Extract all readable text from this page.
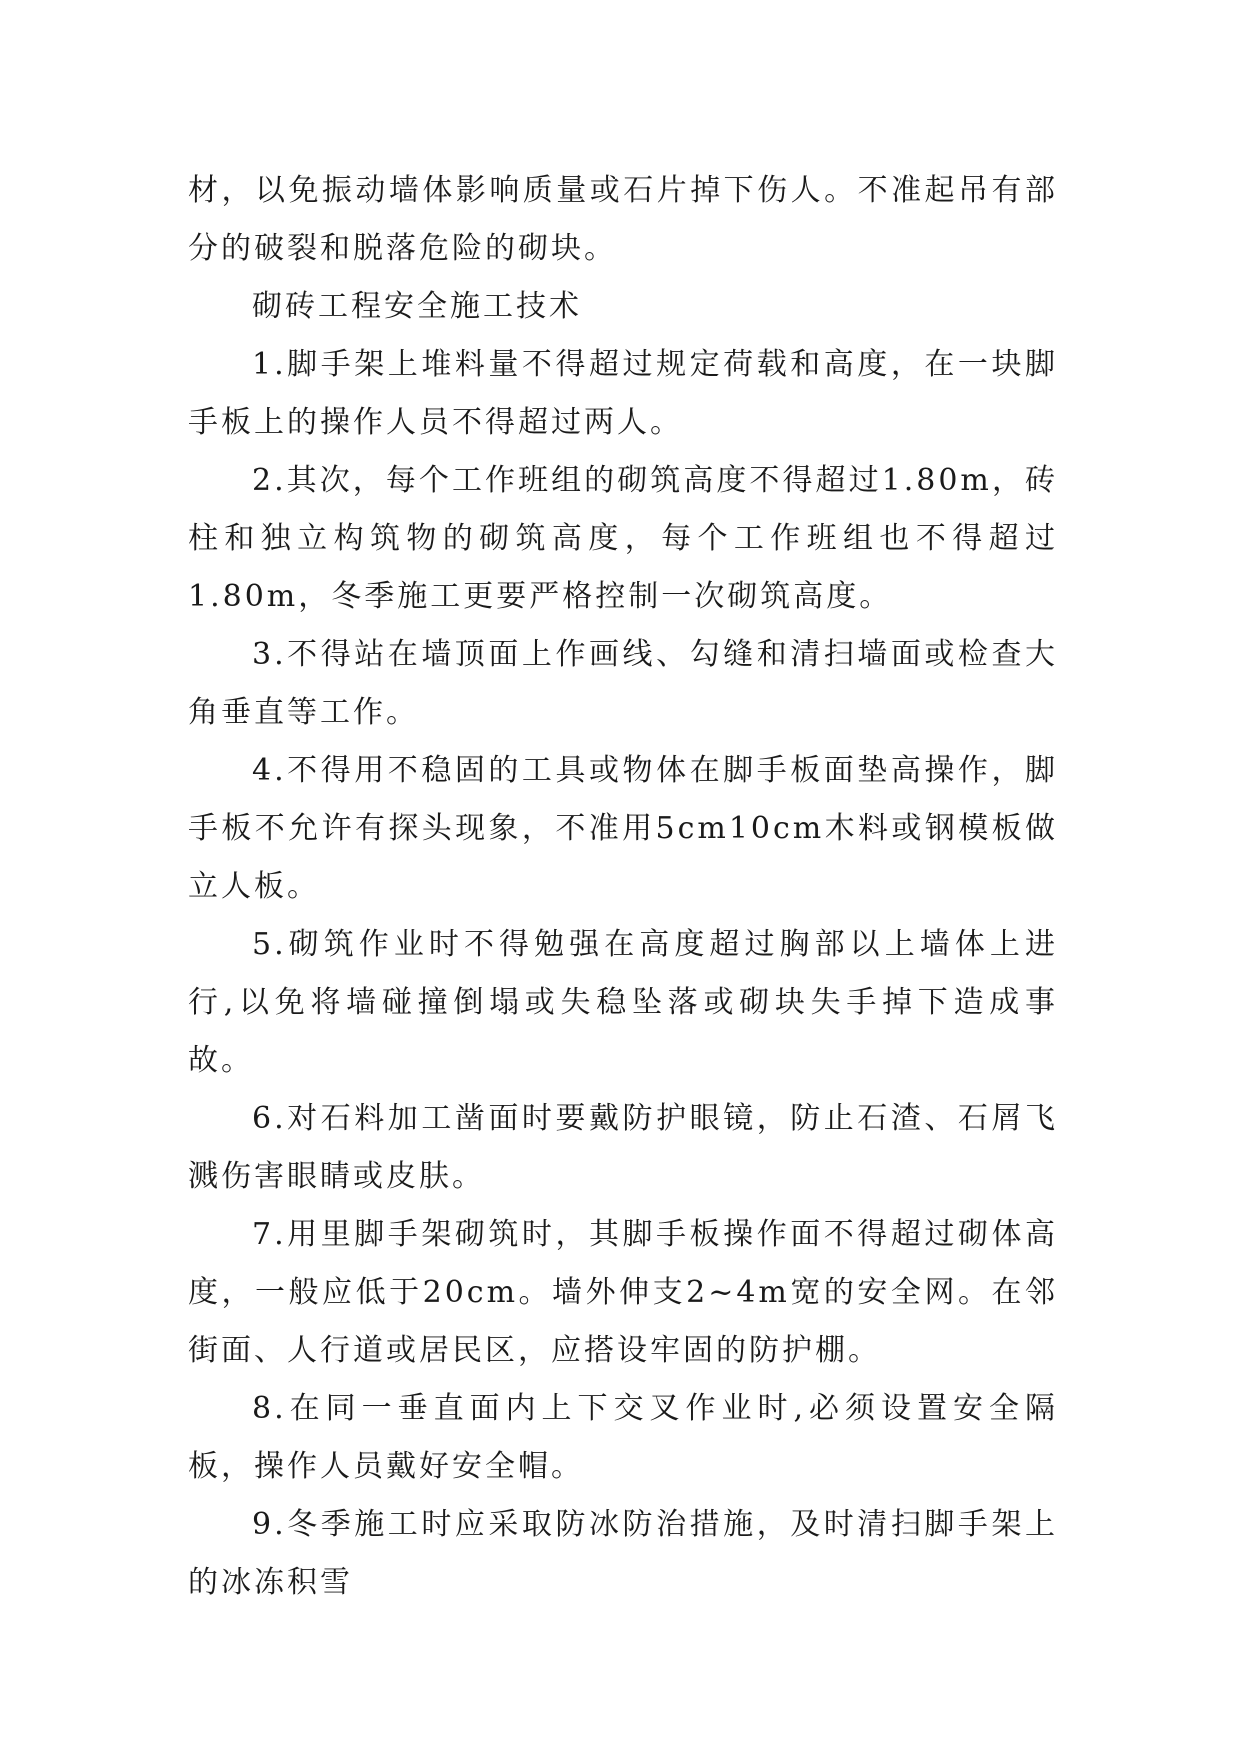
材，以免振动墙体影响质量或石片掉下伤人。不准起吊有部分的破裂和脱落危险的砌块。

砌砖工程安全施工技术

1.脚手架上堆料量不得超过规定荷载和高度，在一块脚手板上的操作人员不得超过两人。

2.其次，每个工作班组的砌筑高度不得超过1.80m，砖柱和独立构筑物的砌筑高度，每个工作班组也不得超过1.80m，冬季施工更要严格控制一次砌筑高度。

3.不得站在墙顶面上作画线、勾缝和清扫墙面或检查大角垂直等工作。

4.不得用不稳固的工具或物体在脚手板面垫高操作，脚手板不允许有探头现象，不准用5cm10cm木料或钢模板做立人板。

5.砌筑作业时不得勉强在高度超过胸部以上墙体上进行,以免将墙碰撞倒塌或失稳坠落或砌块失手掉下造成事故。

6.对石料加工凿面时要戴防护眼镜，防止石渣、石屑飞溅伤害眼睛或皮肤。

7.用里脚手架砌筑时，其脚手板操作面不得超过砌体高度，一般应低于20cm。墙外伸支2~4m宽的安全网。在邻街面、人行道或居民区，应搭设牢固的防护棚。

8.在同一垂直面内上下交叉作业时,必须设置安全隔板，操作人员戴好安全帽。

9.冬季施工时应采取防冰防治措施，及时清扫脚手架上的冰冻积雪
